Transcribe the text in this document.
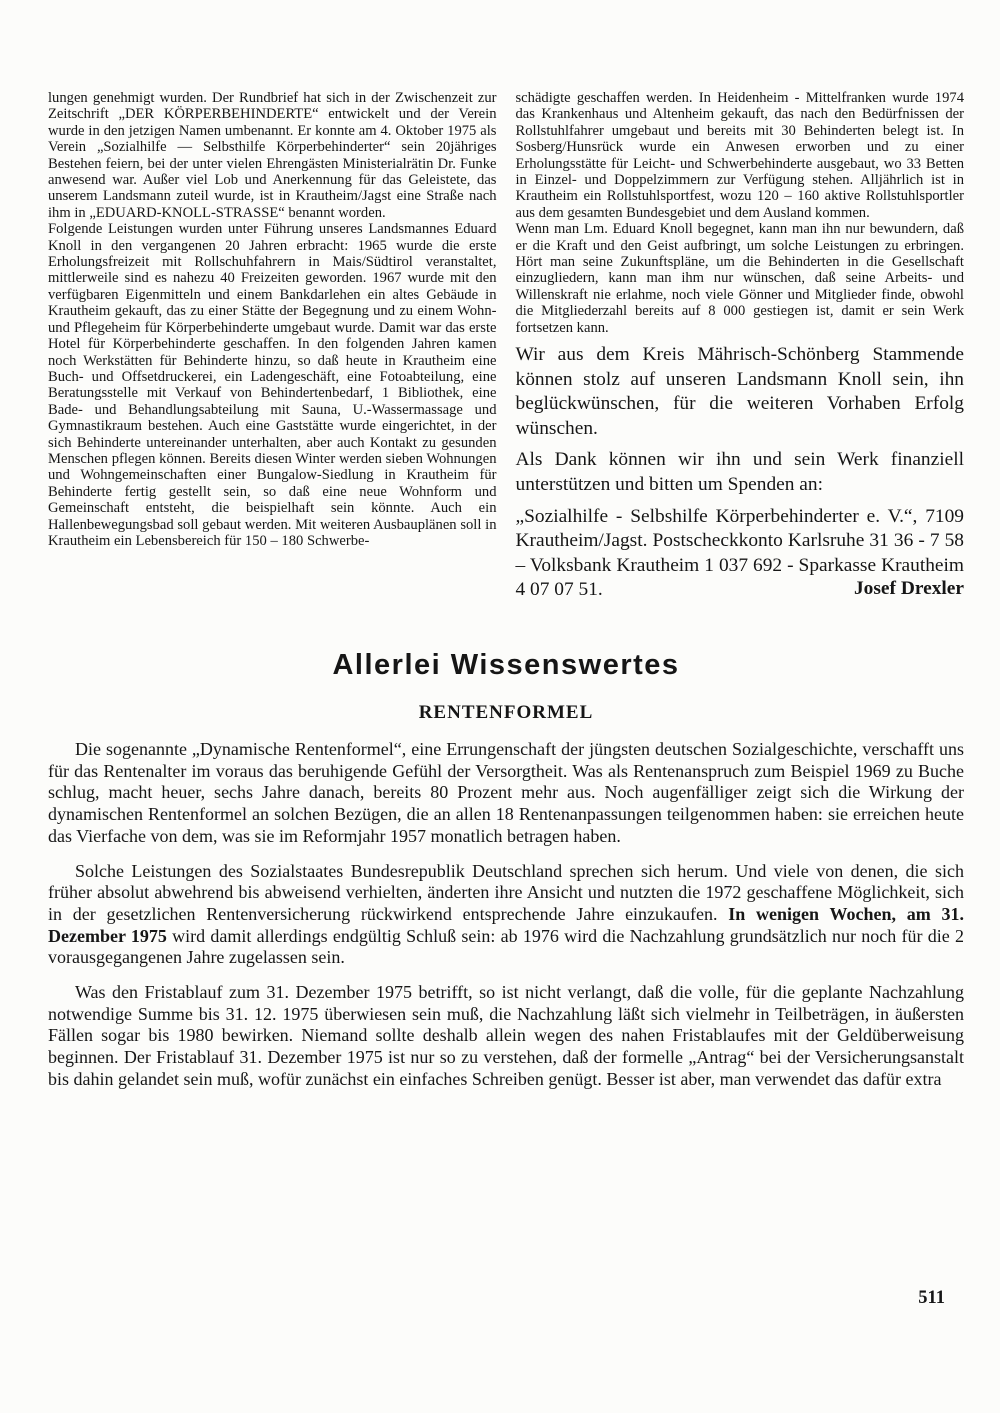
lungen genehmigt wurden. Der Rundbrief hat sich in der Zwischenzeit zur Zeitschrift „DER KÖRPERBEHINDERTE“ entwickelt und der Verein wurde in den jetzigen Namen umbenannt. Er konnte am 4. Oktober 1975 als Verein „Sozialhilfe — Selbsthilfe Körperbehinderter“ sein 20jähriges Bestehen feiern, bei der unter vielen Ehrengästen Ministerialrätin Dr. Funke anwesend war. Außer viel Lob und Anerkennung für das Geleistete, das unserem Landsmann zuteil wurde, ist in Krautheim/Jagst eine Straße nach ihm in „EDUARD-KNOLL-STRASSE“ benannt worden.

Folgende Leistungen wurden unter Führung unseres Landsmannes Eduard Knoll in den vergangenen 20 Jahren erbracht: 1965 wurde die erste Erholungsfreizeit mit Rollschuhfahrern in Mais/Südtirol veranstaltet, mittlerweile sind es nahezu 40 Freizeiten geworden. 1967 wurde mit den verfügbaren Eigenmitteln und einem Bankdarlehen ein altes Gebäude in Krautheim gekauft, das zu einer Stätte der Begegnung und zu einem Wohn- und Pflegeheim für Körperbehinderte umgebaut wurde. Damit war das erste Hotel für Körperbehinderte geschaffen. In den folgenden Jahren kamen noch Werkstätten für Behinderte hinzu, so daß heute in Krautheim eine Buch- und Offsetdruckerei, ein Ladengeschäft, eine Fotoabteilung, eine Beratungsstelle mit Verkauf von Behindertenbedarf, 1 Bibliothek, eine Bade- und Behandlungsabteilung mit Sauna, U.-Wassermassage und Gymnastikraum bestehen. Auch eine Gaststätte wurde eingerichtet, in der sich Behinderte untereinander unterhalten, aber auch Kontakt zu gesunden Menschen pflegen können. Bereits diesen Winter werden sieben Wohnungen und Wohngemeinschaften einer Bungalow-Siedlung in Krautheim für Behinderte fertig gestellt sein, so daß eine neue Wohnform und Gemeinschaft entsteht, die beispielhaft sein könnte. Auch ein Hallenbewegungsbad soll gebaut werden. Mit weiteren Ausbauplänen soll in Krautheim ein Lebensbereich für 150 – 180 Schwerbe-

schädigte geschaffen werden. In Heidenheim - Mittelfranken wurde 1974 das Krankenhaus und Altenheim gekauft, das nach den Bedürfnissen der Rollstuhlfahrer umgebaut und bereits mit 30 Behinderten belegt ist. In Sosberg/Hunsrück wurde ein Anwesen erworben und zu einer Erholungsstätte für Leicht- und Schwerbehinderte ausgebaut, wo 33 Betten in Einzel- und Doppelzimmern zur Verfügung stehen. Alljährlich ist in Krautheim ein Rollstuhlsportfest, wozu 120 – 160 aktive Rollstuhlsportler aus dem gesamten Bundesgebiet und dem Ausland kommen.

Wenn man Lm. Eduard Knoll begegnet, kann man ihn nur bewundern, daß er die Kraft und den Geist aufbringt, um solche Leistungen zu erbringen. Hört man seine Zukunftspläne, um die Behinderten in die Gesellschaft einzugliedern, kann man ihm nur wünschen, daß seine Arbeits- und Willenskraft nie erlahme, noch viele Gönner und Mitglieder finde, obwohl die Mitgliederzahl bereits auf 8 000 gestiegen ist, damit er sein Werk fortsetzen kann.

Wir aus dem Kreis Mährisch-Schönberg Stammende können stolz auf unseren Landsmann Knoll sein, ihn beglückwünschen, für die weiteren Vorhaben Erfolg wünschen.

Als Dank können wir ihn und sein Werk finanziell unterstützen und bitten um Spenden an:

„Sozialhilfe - Selbshilfe Körperbehinderter e. V.“, 7109 Krautheim/Jagst. Postscheckkonto Karlsruhe 31 36 - 7 58 – Volksbank Krautheim 1 037 692 - Sparkasse Krautheim 4 07 07 51.	Josef Drexler

Allerlei Wissenswertes
RENTENFORMEL

Die sogenannte „Dynamische Rentenformel“, eine Errungenschaft der jüngsten deutschen Sozialgeschichte, verschafft uns für das Rentenalter im voraus das beruhigende Gefühl der Versorgtheit. Was als Rentenanspruch zum Beispiel 1969 zu Buche schlug, macht heuer, sechs Jahre danach, bereits 80 Prozent mehr aus. Noch augenfälliger zeigt sich die Wirkung der dynamischen Rentenformel an solchen Bezügen, die an allen 18 Rentenanpassungen teilgenommen haben: sie erreichen heute das Vierfache von dem, was sie im Reformjahr 1957 monatlich betragen haben.

Solche Leistungen des Sozialstaates Bundesrepublik Deutschland sprechen sich herum. Und viele von denen, die sich früher absolut abwehrend bis abweisend verhielten, änderten ihre Ansicht und nutzten die 1972 geschaffene Möglichkeit, sich in der gesetzlichen Rentenversicherung rückwirkend entsprechende Jahre einzukaufen. In wenigen Wochen, am 31. Dezember 1975 wird damit allerdings endgültig Schluß sein: ab 1976 wird die Nachzahlung grundsätzlich nur noch für die 2 vorausgegangenen Jahre zugelassen sein.

Was den Fristablauf zum 31. Dezember 1975 betrifft, so ist nicht verlangt, daß die volle, für die geplante Nachzahlung notwendige Summe bis 31. 12. 1975 überwiesen sein muß, die Nachzahlung läßt sich vielmehr in Teilbeträgen, in äußersten Fällen sogar bis 1980 bewirken. Niemand sollte deshalb allein wegen des nahen Fristablaufes mit der Geldüberweisung beginnen. Der Fristablauf 31. Dezember 1975 ist nur so zu verstehen, daß der formelle „Antrag“ bei der Versicherungsanstalt bis dahin gelandet sein muß, wofür zunächst ein einfaches Schreiben genügt. Besser ist aber, man verwendet das dafür extra

511
